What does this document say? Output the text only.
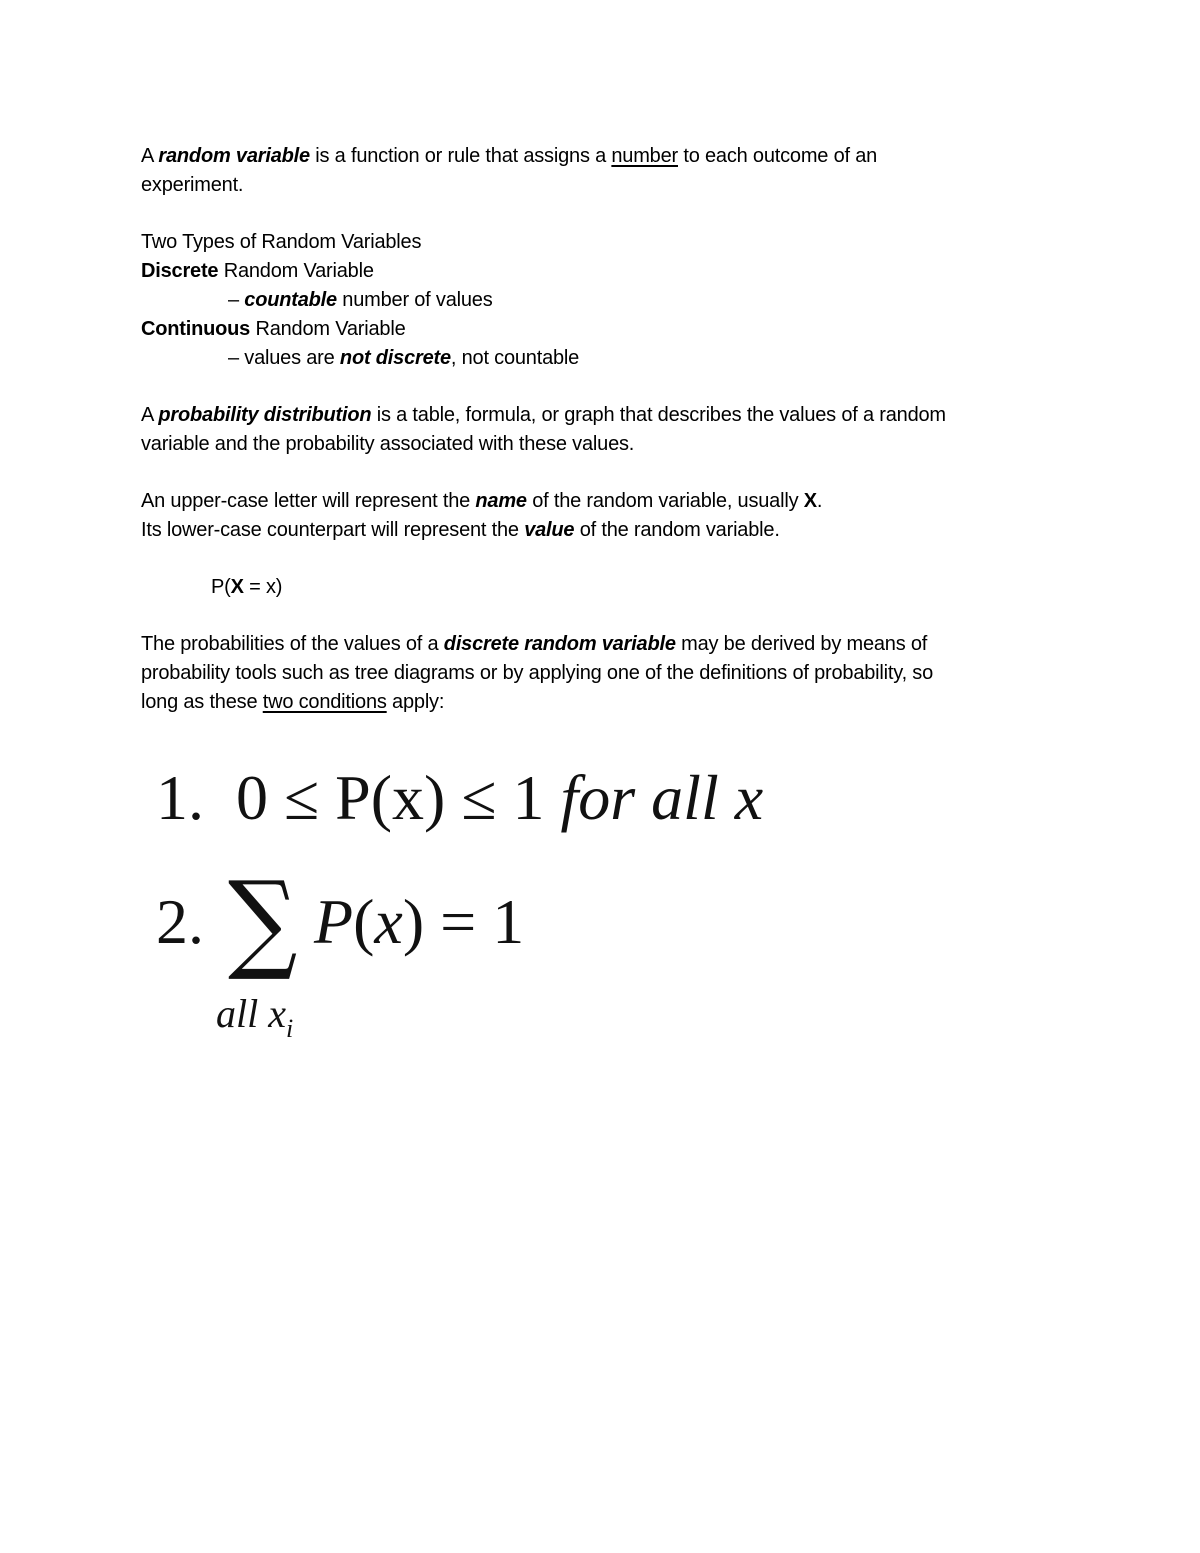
A random variable is a function or rule that assigns a number to each outcome of an
experiment.
Two Types of Random Variables
Discrete Random Variable
– countable number of values
Continuous Random Variable
– values are not discrete, not countable
A probability distribution is a table, formula, or graph that describes the values of a random
variable and the probability associated with these values.
An upper-case letter will represent the name of the random variable, usually X.
Its lower-case counterpart will represent the value of the random variable.
P(X = x)
The probabilities of the values of a discrete random variable may be derived by means of
probability tools such as tree diagrams or by applying one of the definitions of probability, so
long as these two conditions apply:
1. 0 ≤ P(x) ≤ 1 for all x
2. ∑ P(x) = 1
all $x_i$
